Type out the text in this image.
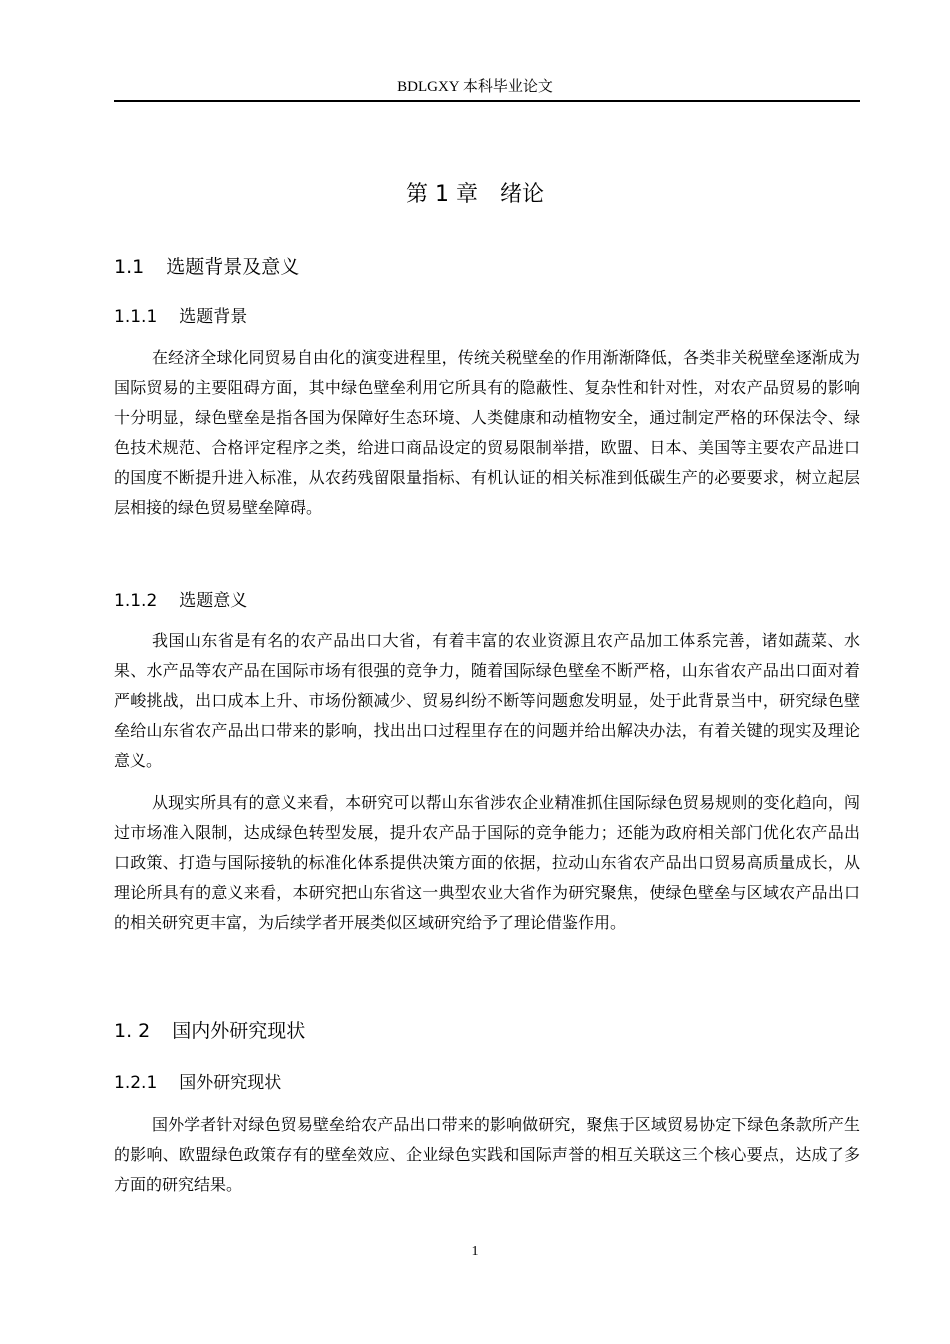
BDLGXY 本科毕业论文
第 1 章　绪论
1.1 选题背景及意义
1.1.1 选题背景

在经济全球化同贸易自由化的演变进程里，传统关税壁垒的作用渐渐降低，各类非关税壁垒逐渐成为国际贸易的主要阻碍方面，其中绿色壁垒利用它所具有的隐蔽性、复杂性和针对性，对农产品贸易的影响十分明显，绿色壁垒是指各国为保障好生态环境、人类健康和动植物安全，通过制定严格的环保法令、绿色技术规范、合格评定程序之类，给进口商品设定的贸易限制举措，欧盟、日本、美国等主要农产品进口的国度不断提升进入标准，从农药残留限量指标、有机认证的相关标准到低碳生产的必要要求，树立起层层相接的绿色贸易壁垒障碍。

1.1.2 选题意义

我国山东省是有名的农产品出口大省，有着丰富的农业资源且农产品加工体系完善，诸如蔬菜、水果、水产品等农产品在国际市场有很强的竞争力，随着国际绿色壁垒不断严格，山东省农产品出口面对着严峻挑战，出口成本上升、市场份额减少、贸易纠纷不断等问题愈发明显，处于此背景当中，研究绿色壁垒给山东省农产品出口带来的影响，找出出口过程里存在的问题并给出解决办法，有着关键的现实及理论意义。

从现实所具有的意义来看，本研究可以帮山东省涉农企业精准抓住国际绿色贸易规则的变化趋向，闯过市场准入限制，达成绿色转型发展，提升农产品于国际的竞争能力；还能为政府相关部门优化农产品出口政策、打造与国际接轨的标准化体系提供决策方面的依据，拉动山东省农产品出口贸易高质量成长，从理论所具有的意义来看，本研究把山东省这一典型农业大省作为研究聚焦，使绿色壁垒与区域农产品出口的相关研究更丰富，为后续学者开展类似区域研究给予了理论借鉴作用。

1. 2 国内外研究现状
1.2.1 国外研究现状

国外学者针对绿色贸易壁垒给农产品出口带来的影响做研究，聚焦于区域贸易协定下绿色条款所产生的影响、欧盟绿色政策存有的壁垒效应、企业绿色实践和国际声誉的相互关联这三个核心要点，达成了多方面的研究结果。

1
